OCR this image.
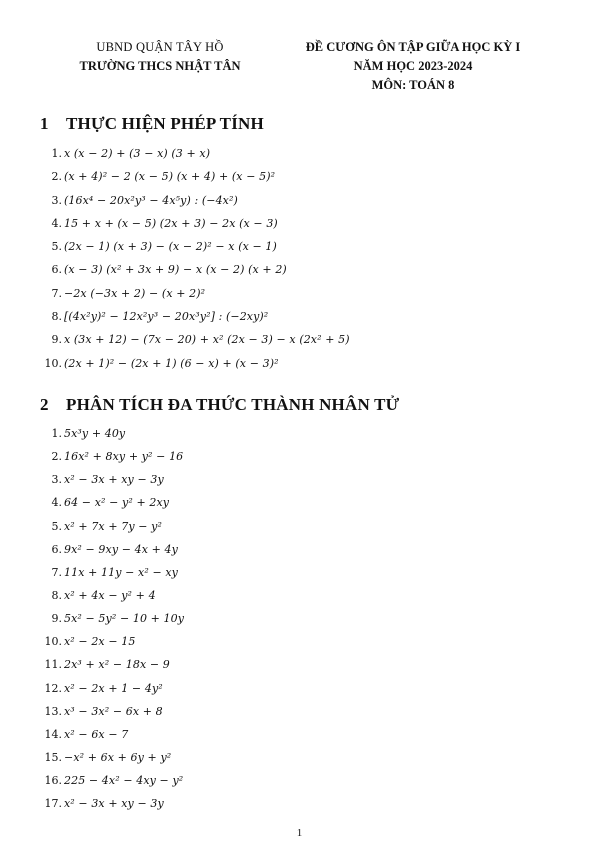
UBND QUẬN TÂY HỒ
TRƯỜNG THCS NHẬT TÂN
ĐỀ CƯƠNG ÔN TẬP GIỮA HỌC KỲ I
NĂM HỌC 2023-2024
MÔN: TOÁN 8
1 THỰC HIỆN PHÉP TÍNH
1. x (x − 2) + (3 − x) (3 + x)
2. (x + 4)² − 2 (x − 5) (x + 4) + (x − 5)²
3. (16x⁴ − 20x²y³ − 4x⁵y) : (−4x²)
4. 15 + x + (x − 5) (2x + 3) − 2x (x − 3)
5. (2x − 1) (x + 3) − (x − 2)² − x (x − 1)
6. (x − 3) (x² + 3x + 9) − x (x − 2) (x + 2)
7. −2x (−3x + 2) − (x + 2)²
8. [(4x²y)² − 12x²y³ − 20x³y²] : (−2xy)²
9. x (3x + 12) − (7x − 20) + x² (2x − 3) − x (2x² + 5)
10. (2x + 1)² − (2x + 1) (6 − x) + (x − 3)²
2 PHÂN TÍCH ĐA THỨC THÀNH NHÂN TỬ
1. 5x³y + 40y
2. 16x² + 8xy + y² − 16
3. x² − 3x + xy − 3y
4. 64 − x² − y² + 2xy
5. x² + 7x + 7y − y²
6. 9x² − 9xy − 4x + 4y
7. 11x + 11y − x² − xy
8. x² + 4x − y² + 4
9. 5x² − 5y² − 10 + 10y
10. x² − 2x − 15
11. 2x³ + x² − 18x − 9
12. x² − 2x + 1 − 4y²
13. x³ − 3x² − 6x + 8
14. x² − 6x − 7
15. −x² + 6x + 6y + y²
16. 225 − 4x² − 4xy − y²
17. x² − 3x + xy − 3y
1
